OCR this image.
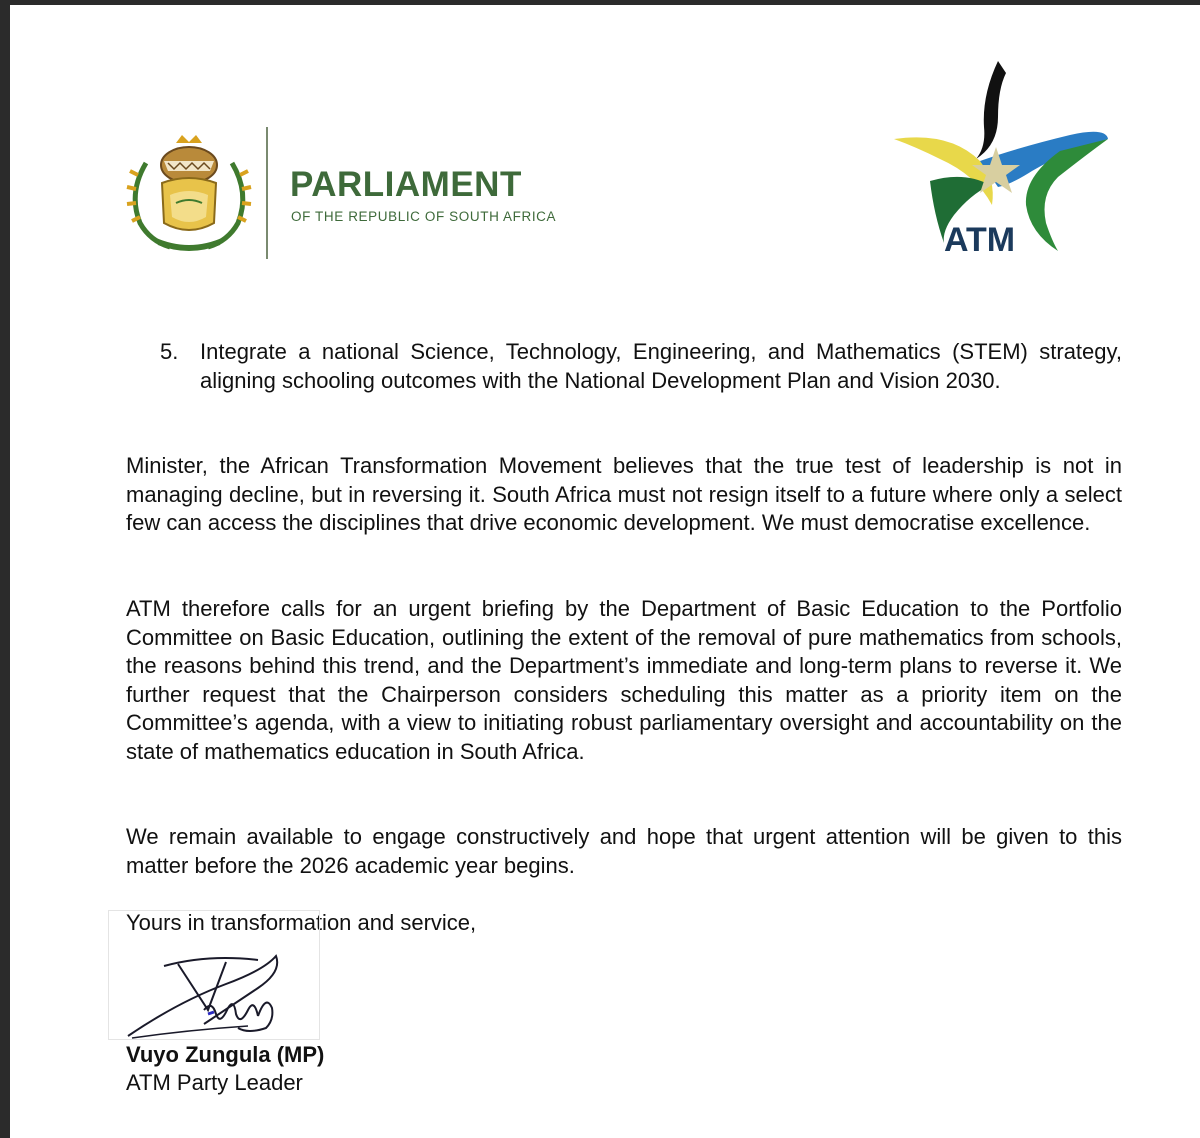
PARLIAMENT
OF THE REPUBLIC OF SOUTH AFRICA
ATM
5. Integrate a national Science, Technology, Engineering, and Mathematics (STEM) strategy, aligning schooling outcomes with the National Development Plan and Vision 2030.
Minister, the African Transformation Movement believes that the true test of leadership is not in managing decline, but in reversing it. South Africa must not resign itself to a future where only a select few can access the disciplines that drive economic development. We must democratise excellence.
ATM therefore calls for an urgent briefing by the Department of Basic Education to the Portfolio Committee on Basic Education, outlining the extent of the removal of pure mathematics from schools, the reasons behind this trend, and the Department’s immediate and long-term plans to reverse it. We further request that the Chairperson considers scheduling this matter as a priority item on the Committee’s agenda, with a view to initiating robust parliamentary oversight and accountability on the state of mathematics education in South Africa.
We remain available to engage constructively and hope that urgent attention will be given to this matter before the 2026 academic year begins.
Yours in transformation and service,
Vuyo Zungula (MP)
ATM Party Leader
